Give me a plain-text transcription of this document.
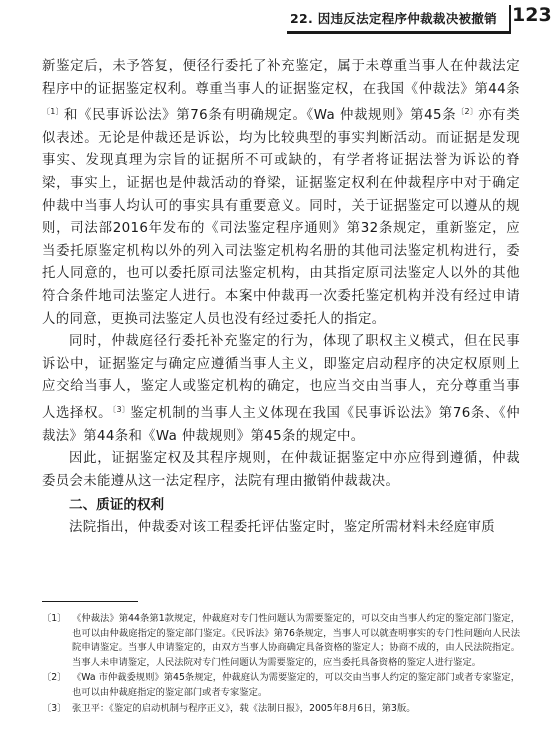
22. 因违反法定程序仲裁裁决被撤销 123

新鉴定后，未予答复，便径行委托了补充鉴定，属于未尊重当事人在仲裁法定程序中的证据鉴定权利。尊重当事人的证据鉴定权，在我国《仲裁法》第44条$^{〔1〕}$和《民事诉讼法》第76条有明确规定。《Wa 仲裁规则》第45条$^{〔2〕}$亦有类似表述。无论是仲裁还是诉讼，均为比较典型的事实判断活动。而证据是发现事实、发现真理为宗旨的证据所不可或缺的，有学者将证据法誉为诉讼的脊梁，事实上，证据也是仲裁活动的脊梁，证据鉴定权利在仲裁程序中对于确定仲裁中当事人均认可的事实具有重要意义。同时，关于证据鉴定可以遵从的规则，司法部2016年发布的《司法鉴定程序通则》第32条规定，重新鉴定，应当委托原鉴定机构以外的列入司法鉴定机构名册的其他司法鉴定机构进行，委托人同意的，也可以委托原司法鉴定机构，由其指定原司法鉴定人以外的其他符合条件地司法鉴定人进行。本案中仲裁再一次委托鉴定机构并没有经过申请人的同意，更换司法鉴定人员也没有经过委托人的指定。

同时，仲裁庭径行委托补充鉴定的行为，体现了职权主义模式，但在民事诉讼中，证据鉴定与确定应遵循当事人主义，即鉴定启动程序的决定权原则上应交给当事人，鉴定人或鉴定机构的确定，也应当交由当事人，充分尊重当事人选择权。$^{〔3〕}$鉴定机制的当事人主义体现在我国《民事诉讼法》第76条、《仲裁法》第44条和《Wa 仲裁规则》第45条的规定中。

因此，证据鉴定权及其程序规则，在仲裁证据鉴定中亦应得到遵循，仲裁委员会未能遵从这一法定程序，法院有理由撤销仲裁裁决。

二、质证的权利

法院指出，仲裁委对该工程委托评估鉴定时，鉴定所需材料未经庭审质

〔1〕 《仲裁法》第44条第1款规定，仲裁庭对专门性问题认为需要鉴定的，可以交由当事人约定的鉴定部门鉴定，也可以由仲裁庭指定的鉴定部门鉴定。《民诉法》第76条规定，当事人可以就查明事实的专门性问题向人民法院申请鉴定。当事人申请鉴定的，由双方当事人协商确定具备资格的鉴定人；协商不成的，由人民法院指定。当事人未申请鉴定，人民法院对专门性问题认为需要鉴定的，应当委托具备资格的鉴定人进行鉴定。
〔2〕 《Wa 市仲裁委规则》第45条规定，仲裁庭认为需要鉴定的，可以交由当事人约定的鉴定部门或者专家鉴定，也可以由仲裁庭指定的鉴定部门或者专家鉴定。
〔3〕 张卫平：《鉴定的启动机制与程序正义》，载《法制日报》，2005年8月6日，第3版。
